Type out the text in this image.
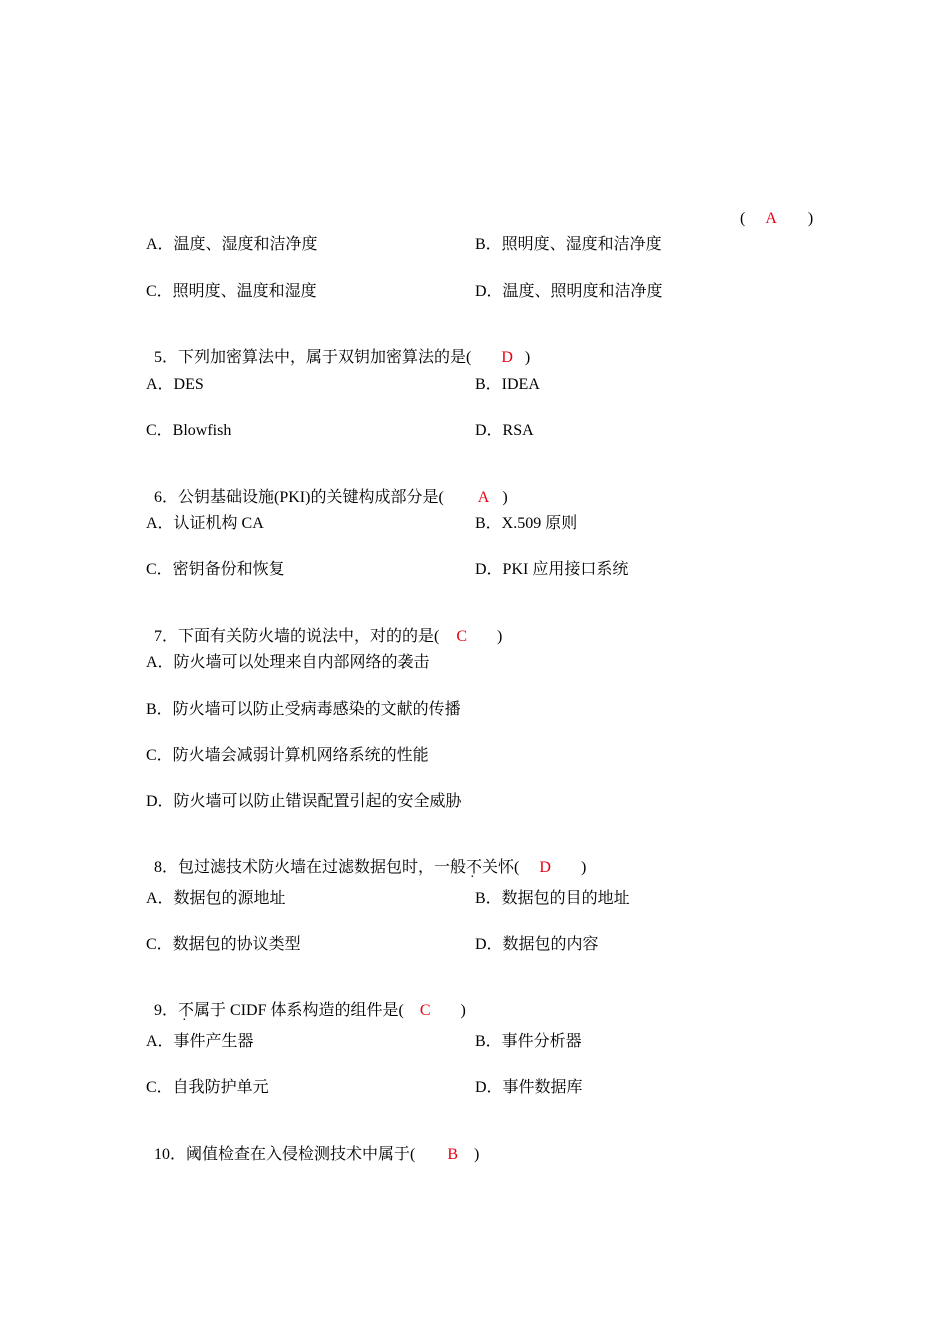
( A )

A．温度、湿度和洁净度	B．照明度、湿度和洁净度
C．照明度、温度和湿度	D．温度、照明度和洁净度

5．下列加密算法中，属于双钥加密算法的是( D )

A．DES	B．IDEA
C．Blowfish	D．RSA

6．公钥基础设施(PKI)的关键构成部分是( A )

A．认证机构 CA	B．X.509 原则
C．密钥备份和恢复	D．PKI 应用接口系统

7．下面有关防火墙的说法中，对的的是( C )

A．防火墙可以处理来自内部网络的袭击
B．防火墙可以防止受病毒感染的文献的传播
C．防火墙会减弱计算机网络系统的性能
D．防火墙可以防止错误配置引起的安全威胁

8．包过滤技术防火墙在过滤数据包时，一般不关怀( D )

A．数据包的源地址	B．数据包的目的地址
C．数据包的协议类型	D．数据包的内容

9．不属于 CIDF 体系构造的组件是( C )

A．事件产生器	B．事件分析器
C．自我防护单元	D．事件数据库

10．阈值检查在入侵检测技术中属于( B )
